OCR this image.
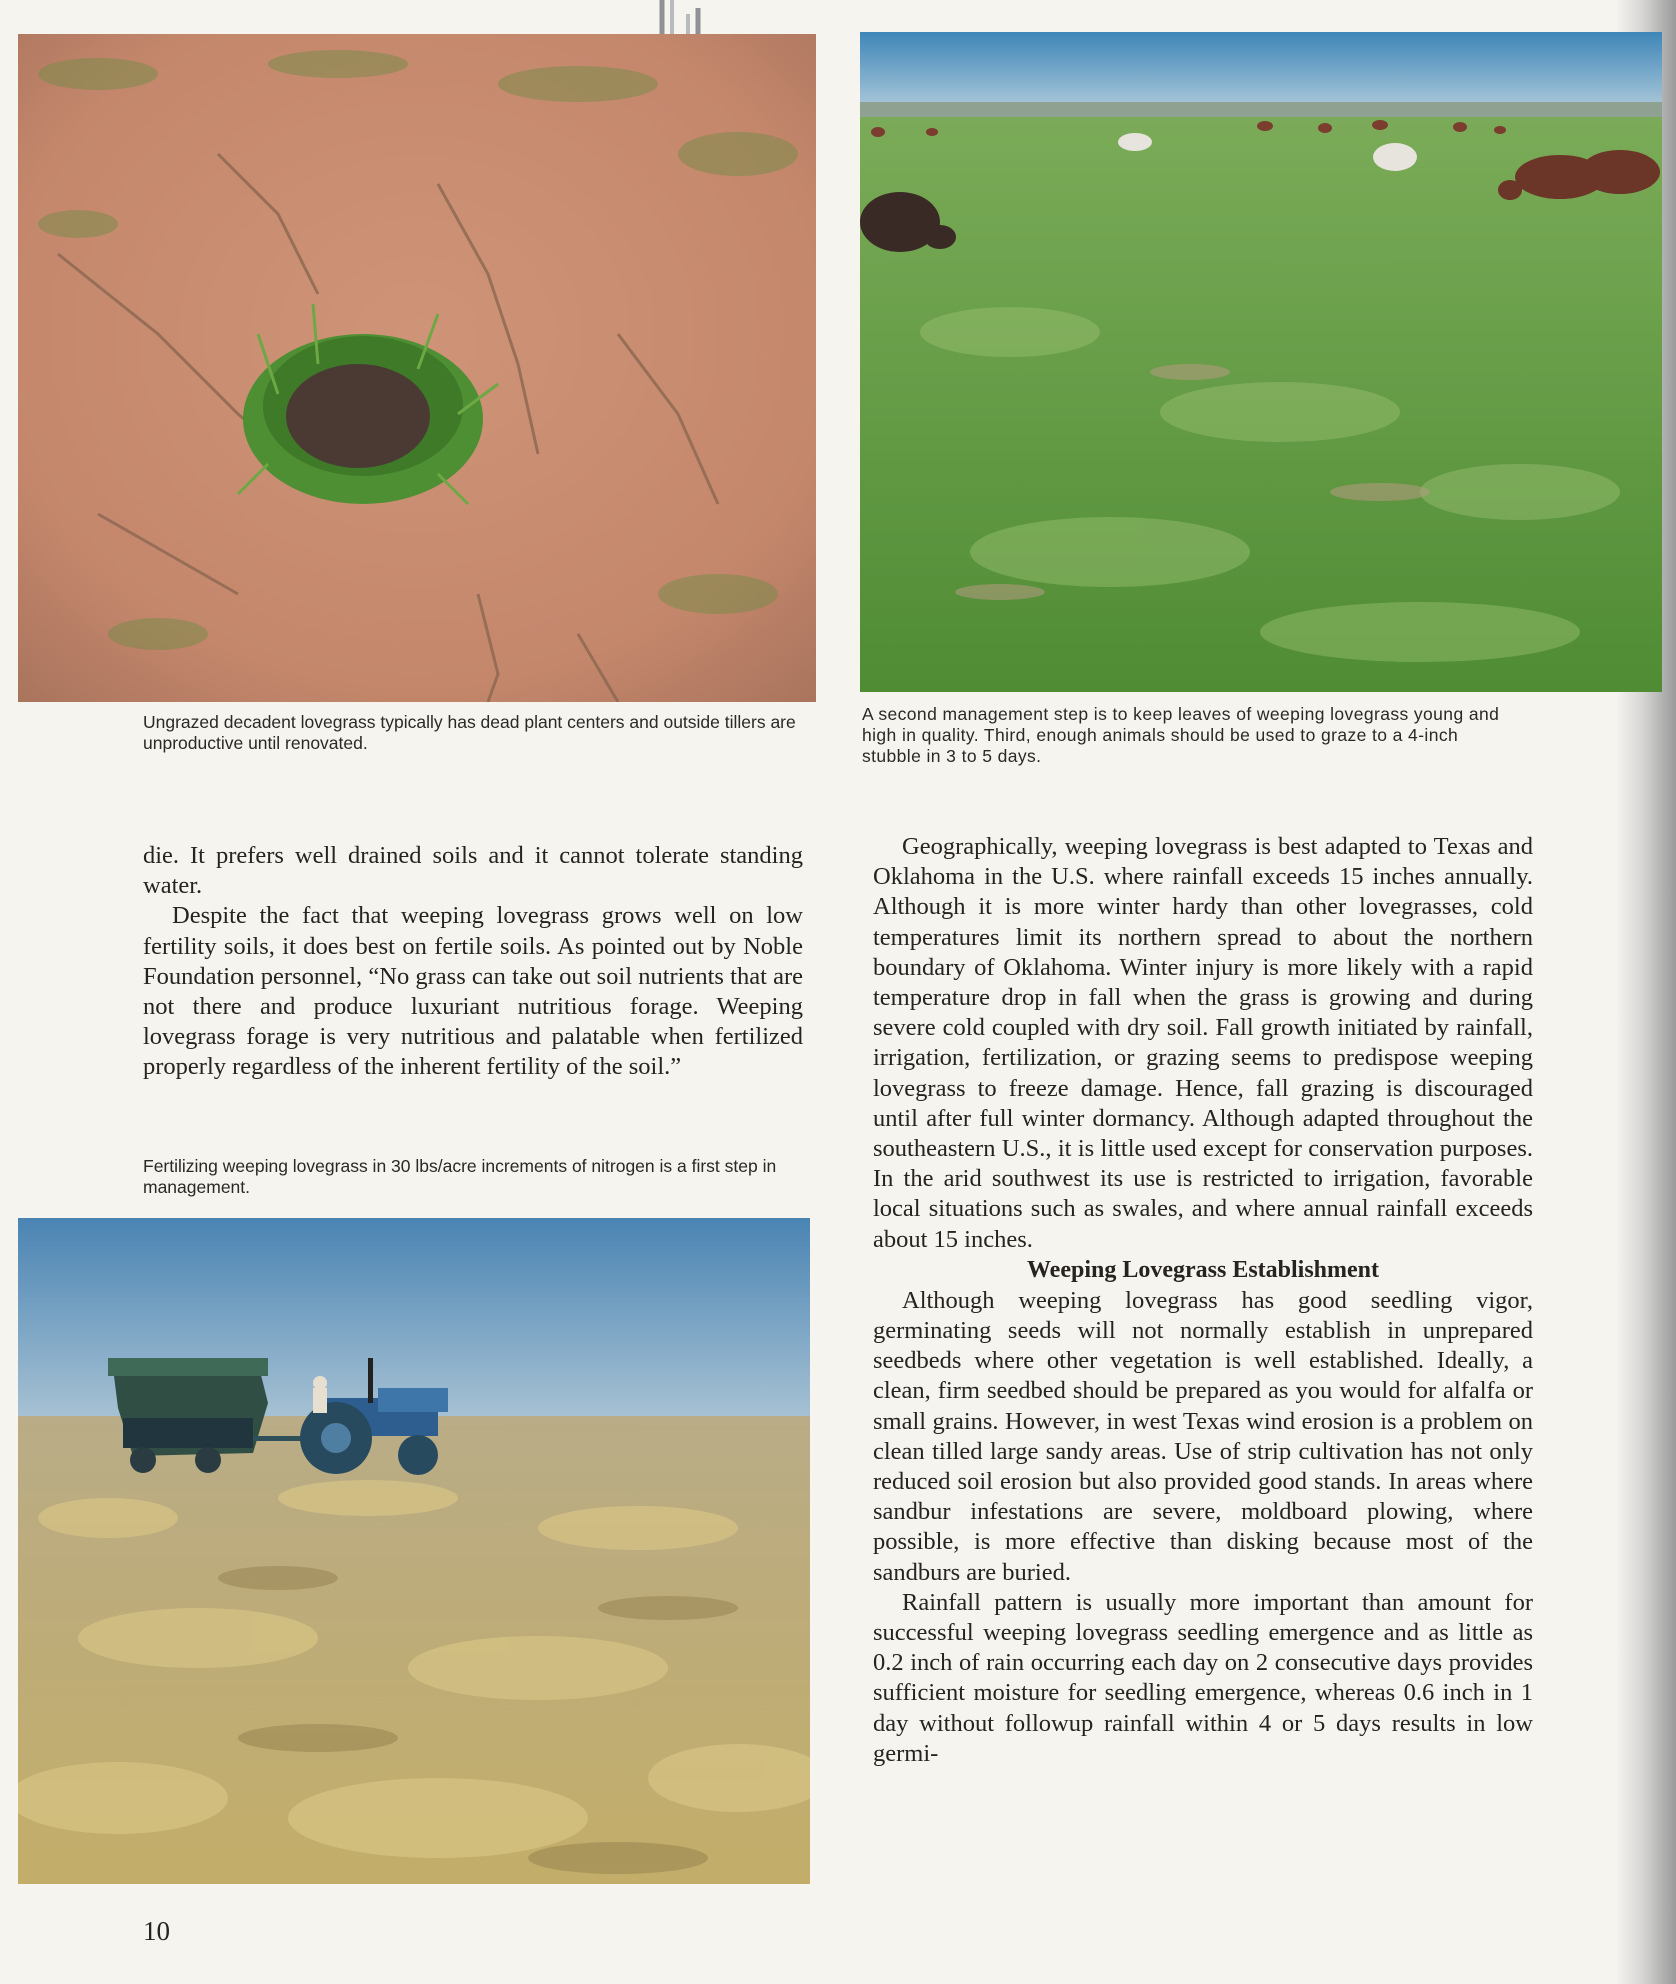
Ungrazed decadent lovegrass typically has dead plant centers and outside tillers are unproductive until renovated.

A second management step is to keep leaves of weeping lovegrass young and high in quality. Third, enough animals should be used to graze to a 4-inch stubble in 3 to 5 days.

die. It prefers well drained soils and it cannot tolerate standing water.

Despite the fact that weeping lovegrass grows well on low fertility soils, it does best on fertile soils. As pointed out by Noble Foundation personnel, “No grass can take out soil nutrients that are not there and produce luxuriant nutritious forage. Weeping lovegrass forage is very nutritious and palatable when fertilized properly regardless of the inherent fertility of the soil.”

Fertilizing weeping lovegrass in 30 lbs/acre increments of nitrogen is a first step in management.

Geographically, weeping lovegrass is best adapted to Texas and Oklahoma in the U.S. where rainfall exceeds 15 inches annually. Although it is more winter hardy than other lovegrasses, cold temperatures limit its northern spread to about the northern boundary of Oklahoma. Winter injury is more likely with a rapid temperature drop in fall when the grass is growing and during severe cold coupled with dry soil. Fall growth initiated by rainfall, irrigation, fertilization, or grazing seems to predispose weeping lovegrass to freeze damage. Hence, fall grazing is discouraged until after full winter dormancy. Although adapted throughout the southeastern U.S., it is little used except for conservation purposes. In the arid southwest its use is restricted to irrigation, favorable local situations such as swales, and where annual rainfall exceeds about 15 inches.

Weeping Lovegrass Establishment

Although weeping lovegrass has good seedling vigor, germinating seeds will not normally establish in unprepared seedbeds where other vegetation is well established. Ideally, a clean, firm seedbed should be prepared as you would for alfalfa or small grains. However, in west Texas wind erosion is a problem on clean tilled large sandy areas. Use of strip cultivation has not only reduced soil erosion but also provided good stands. In areas where sandbur infestations are severe, moldboard plowing, where possible, is more effective than disking because most of the sandburs are buried.

Rainfall pattern is usually more important than amount for successful weeping lovegrass seedling emergence and as little as 0.2 inch of rain occurring each day on 2 consecutive days provides sufficient moisture for seedling emergence, whereas 0.6 inch in 1 day without followup rainfall within 4 or 5 days results in low germi-

10
